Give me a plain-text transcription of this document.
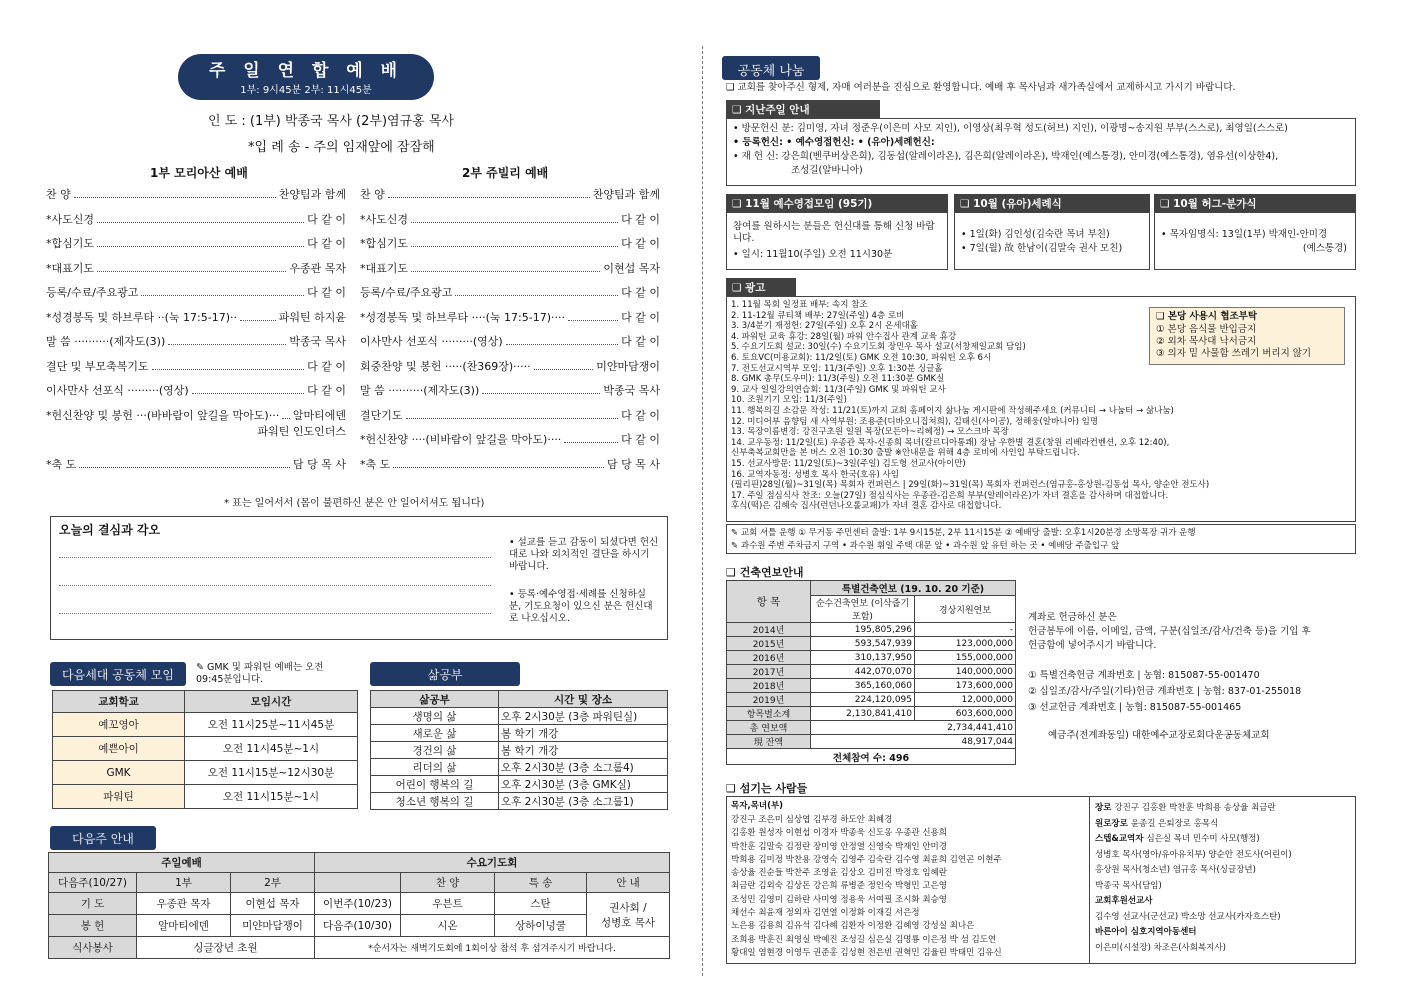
주 일 연 합 예 배
1부: 9시45분 2부: 11시45분
인 도 : (1부) 박종국 목사 (2부)염규홍 목사
*입 례 송 - 주의 임재앞에 잠잠해
1부 모리아산 예배	2부 쥬빌리 예배
찬 양	찬양팀과 함께
*사도신경	다 같 이
*합심기도	다 같 이
*대표기도	우종관 목자
등록/수료/주요광고	다 같 이
*성경봉독 및 하브루타 ··(눅 17:5-17)··	파워틴 하지윤
말 씀 ··········(제자도(3))	박종국 목사
결단 및 부모축복기도	다 같 이
이사만사 선포식 ·········(영상)	다 같 이
*헌신찬양 및 봉헌 ···(바바람이 앞길을 막아도)··· 알마티에덴
파워틴 인도인더스
*축 도	담 당 목 사
찬 양	찬양팀과 함께
*사도신경	다 같 이
*합심기도	다 같 이
*대표기도	이현섭 목자
등록/수료/주요광고	다 같 이
*성경봉독 및 하브루타 ····(눅 17:5-17)····	다 같 이
이사만사 선포식 ·········(영상)	다 같 이
회중찬양 및 봉헌 ·····(찬369장)·····	미얀마담쟁이
말 씀 ··········(제자도(3))	박종국 목사
결단기도	다 같 이
*헌신찬양 ····(비바람이 앞길을 막아도)····	다 같 이
*축 도	담 당 목 사
* 표는 일어서서 (몸이 불편하신 분은 안 일어서셔도 됩니다)
오늘의 결심과 각오
• 설교를 듣고 감동이 되셨다면 헌신대로 나와 외치적인 결단을 하시기 바랍니다.
• 등록·예수영접·세례를 신청하실 분, 기도요청이 있으신 분은 헌신대로 나오십시오.
다음세대 공동체 모임
✎ GMK 및 파워틴 예배는 오전 09:45분입니다.
교회학교	모임시간
예꼬영아	오전 11시25분~11시45분
예쁜아이	오전 11시45분~1시
GMK	오전 11시15분~12시30분
파워틴	오전 11시15분~1시
삶공부
삶공부	시간 및 장소
생명의 삶	오후 2시30분 (3층 파워틴실)
새로운 삶	봄 학기 개강
경건의 삶	봄 학기 개강
리더의 삶	오후 2시30분 (3층 소그룹4)
어린이 행복의 길	오후 2시30분 (3층 GMK실)
청소년 행복의 길	오후 2시30분 (3층 소그룹1)
다음주 안내
주일예배			수요기도회			
다음주(10/27)	1부	2부		찬 양	특 송	안 내
기 도	우종관 목자	이현섭 목자	이번주(10/23)	우븐트	스탄	권사회 /
성병호 목사
봉 헌	알마티에덴	미얀마담쟁이	다음주(10/30)	시온	상하이넝쿨	
식사봉사	싱글장년 초원		*순서자는 새벽기도회에 1회이상 참석 후 섬겨주시기 바랍니다.			
공동체 나눔
❑ 교회를 찾아주신 형제, 자매 여러분을 진심으로 환영합니다. 예배 후 목사님과 새가족실에서 교제하시고 가시기 바랍니다.
❑ 지난주일 안내
• 방문헌신 분: 김미영, 자녀 정준우(이은미 사모 지인), 이영상(최우혁 성도(허브) 지인), 이광명~송지원 부부(스스로), 최영일(스스로)
• 등록헌신: • 예수영접헌신: • (유아)세례헌신:
• 재 헌 신: 강은희(벤쿠버상은희), 김동섭(알레이라온), 김은희(알레이라온), 박재인(예스통경), 안미경(예스통경), 염유선(이상한4),
조성길(알바니아)
❑ 11월 예수영접모임 (95기)
참여를 원하시는 분들은 헌신대를 통해 신청 바랍니다.
• 일시: 11월10(주일) 오전 11시30분
❑ 10월 (유아)세례식
• 1일(화) 김인성(김숙란 목녀 부친)
• 7일(월) 故 한남이(김말숙 권사 모친)
❑ 10월 허그-분가식
• 목자임명식: 13일(1부) 박재인-안미경
(예스통경)
❑ 광고
1. 11월 목회 일정표 배부: 속지 참조
2. 11-12월 큐티책 배부: 27일(주일) 4층 로비
3. 3/4분기 재정헌: 27일(주일) 오후 2시 온세대홀
4. 파워틴 교육 휴강: 28일(월) 파워 안수집사 관계 교육 휴강
5. 수요기도회 설교: 30일(수) 수요기도회 장민우 목사 설교(서창제일교회 담임)
6. 토요VC(미용교회): 11/2일(토) GMK 오전 10:30, 파워틴 오후 6시
7. 전도선교시역부 모임: 11/3(주일) 오후 1:30분 싱글홀
8. GMK 총무(도우미): 11/3(주일) 오전 11:30분 GMK실
9. 교사 일일강의연습회: 11/3(주일) GMK 및 파워틴 교사
10. 조원기기 모임: 11/3(주일)
11. 행복의길 소감문 작성: 11/21(토)까지 교회 홈페이지 삶나눔 게시판에 작성해주세요 (커뮤니티 → 나눔터 → 삶나눔)
12. 미디어부 음향팀 새 사역부원: 조용준(디바오니집쳐희), 김태신(사이공), 정해웅(알바니아) 임명
13. 목장이름변경: 강진구초원 일원 목장(모든아~리헤정) → 모스크바 목장
14. 교우동정: 11/2일(토) 우종관 목자-신종희 목녀(칼르디아통쾌) 장남 우한별 결혼(창원 리베라컨벤션, 오후 12:40),
신부축복교회만을 본 버스 오전 10:30 출발 ※안내문을 위해 4층 로비에 사인입 부탁드립니다.
15. 선교사방문: 11/2일(토)~3일(주일) 김도형 선교사(아이만)
16. 교역자동정: 성병호 목사 한국(호유) 사임
(필리핀)28일(월)~31일(목) 목회자 컨퍼런스 | 29일(화)~31일(목) 목회자 컨퍼런스(염규홍-홍상원-김동섭 목사, 양순안 전도사)
17. 주일 점심식사 찬조: 오늘(27일) 점심식사는 우종관-김은희 부부(알레이라온)가 자녀 결혼을 감사하며 대접합니다.
후식(떡)은 김혜숙 집사(런던나오롤교패)가 자녀 결혼 감사로 대접합니다.
❑ 본당 사용시 협조부탁
① 본당 음식물 반입금지
② 외차 목사대 낙서금지
③ 의자 밑 사물함 쓰레기 버리지 않기
✎ 교회 셔틀 운행 ① 무거동 주민센터 출발: 1부 9시15분, 2부 11시15분 ② 예배당 출발: 오후1시20분경 소망목장 귀가 운행
✎ 과수원 주변 주차금지 구역 • 과수원 휘일 주택 대문 앞 • 과수원 앞 유턴 하는 곳 • 예배당 주출입구 앞
❑ 건축연보안내
항 목	특별건축연보 (19. 10. 20 기준)	
	순수건축연보 (이삭줍기포함)	경상지원연보
2014년	195,805,296	-
2015년	593,547,939	123,000,000
2016년	310,137,950	155,000,000
2017년	442,070,070	140,000,000
2018년	365,160,060	173,600,000
2019년	224,120,095	12,000,000
항목별소계	2,130,841,410	603,600,000
총 연보액	2,734,441,410	
現 잔액	48,917,044	
전체참여 수: 496		
계좌로 헌금하신 분은
헌금봉투에 이름, 이메일, 금액, 구분(십일조/감사/건축 등)을 기입 후
헌금함에 넣어주시기 바랍니다.
① 특별건축헌금 계좌번호 | 농협: 815087-55-001470
② 십일조/감사/주일(기타)헌금 계좌번호 | 농협: 837-01-255018
③ 선교헌금 계좌번호 | 농협: 815087-55-001465
예금주(전계좌동일) 대한예수교장로회다운공동체교회
❑ 섬기는 사람들
목자,목녀(부)
강진구 조은미 심상엽 김부경 하도안 최혜경
김홍환 원성자 이현섭 이경자 박종욱 신도옹 우종관 신용희
박찬훈 김말숙 김정란 장미영 안정열 신영숙 박재인 안미경
박희용 김미정 박찬용 강영숙 김영주 김숙란 김수영 최윤희 김연곤 이현주
송상율 진순들 박찬주 조영윤 김상오 김미진 박정호 임혜란
최금란 김외숙 김상돈 강은희 류병준 정인숙 박형민 고은영
조성민 김영미 김하란 사미영 정용욱 서여필 조시화 최승영
채선수 최윤재 정외자 김연열 이정화 이재길 서은정
노은용 김용희 김유석 김다혜 김환자 이정환 김혜영 강성실 최나은
조희용 박훈진 최영실 박예진 조성길 심은실 김명룡 이은정 박 섬 김도연
황대일 염현경 이영두 권준홍 김성현 전은빈 권혁민 김율린 박태민 김유신
장로 강진구 김홍환 박찬훈 박희용 송상율 최금란
원로장로 윤종길 은퇴장로 홍목식
스텝&교역자 심은실 목녀 민수미 사모(행정)
성병호 목사(영아/유아유치부) 양순안 전도사(어린이)
홍상원 목사(청소년) 염규홍 목사(싱글장년)
박종국 목사(담임)
교회후원선교사
김수영 선교사(군선교) 박소망 선교사(카자흐스탄)
바른아이 심호지역아동센터
이은미(시설장) 차조은(사회복지사)
